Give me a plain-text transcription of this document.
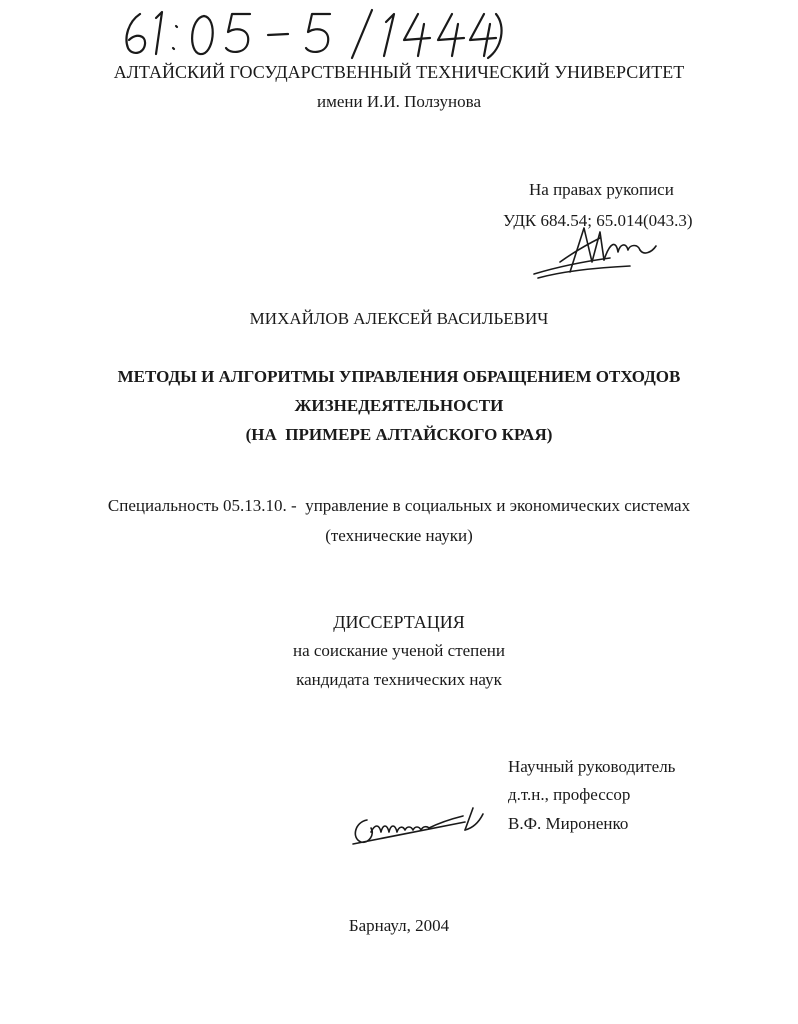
АЛТАЙСКИЙ ГОСУДАРСТВЕННЫЙ ТЕХНИЧЕСКИЙ УНИВЕРСИТЕТ
имени И.И. Ползунова
На правах рукописи
УДК 684.54; 65.014(043.3)
МИХАЙЛОВ АЛЕКСЕЙ ВАСИЛЬЕВИЧ
МЕТОДЫ И АЛГОРИТМЫ УПРАВЛЕНИЯ ОБРАЩЕНИЕМ ОТХОДОВ
ЖИЗНЕДЕЯТЕЛЬНОСТИ
(НА  ПРИМЕРЕ АЛТАЙСКОГО КРАЯ)
Специальность 05.13.10. -  управление в социальных и экономических системах
(технические науки)
ДИССЕРТАЦИЯ
на соискание ученой степени
кандидата технических наук
Научный руководитель
д.т.н., профессор
В.Ф. Мироненко
Барнаул, 2004
